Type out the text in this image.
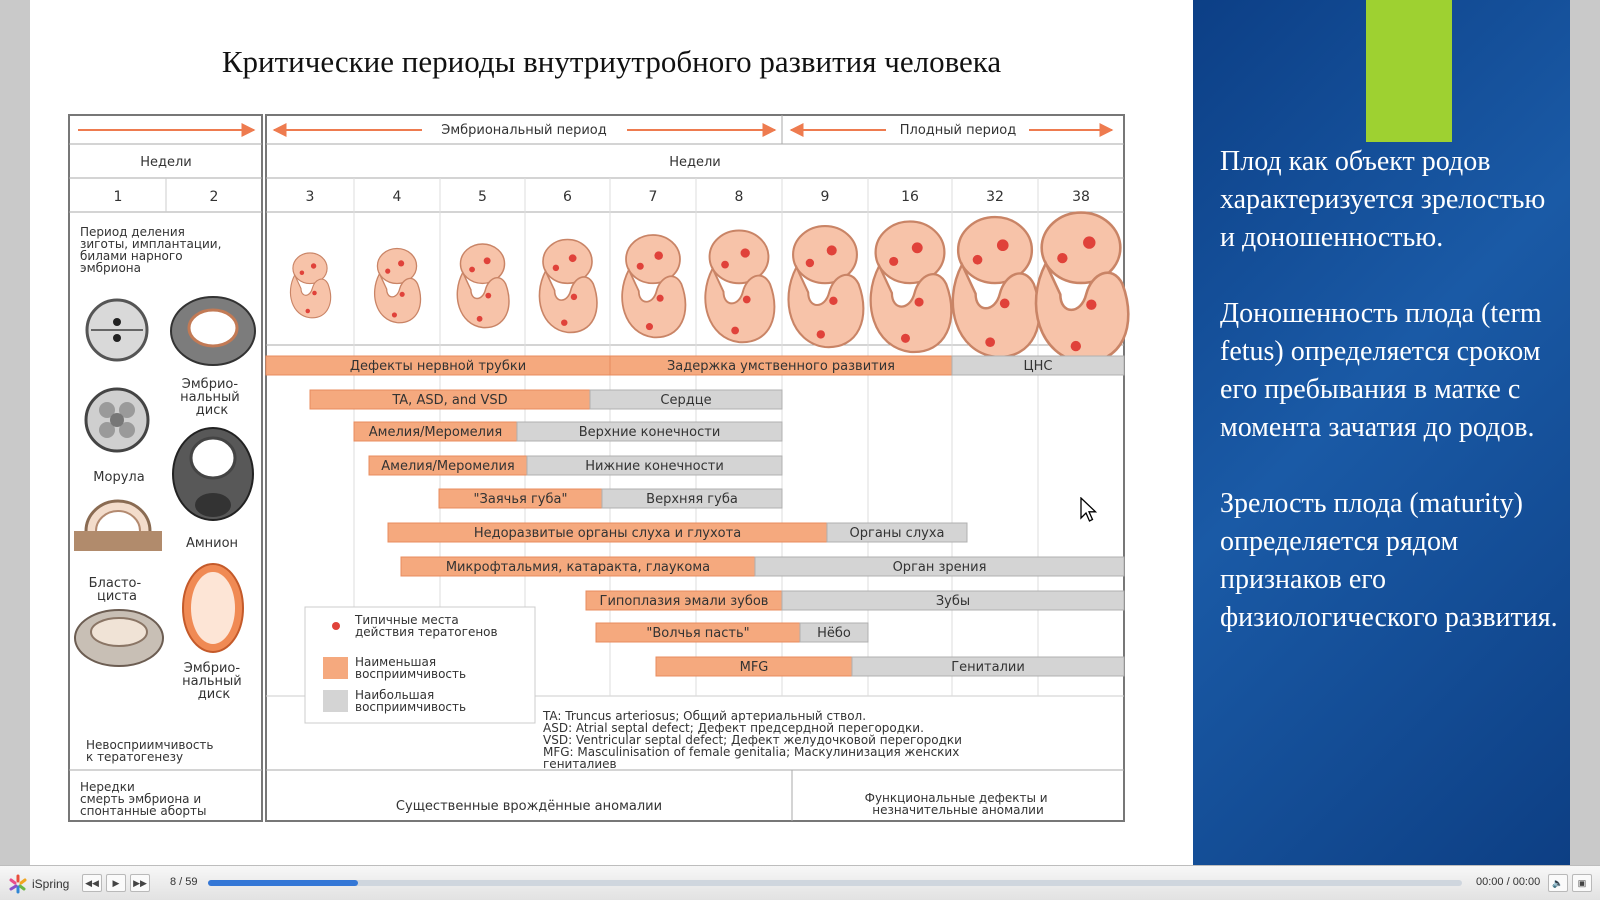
Критические периоды внутриутробного развития человека
Эмбриональный период	Плодный период
Недели	Недели
1	2	3	4	5	6	7	8	9	16	32	38
Период деления зиготы, имплантации, билами нарного эмбриона
Морула
Бласто- циста
Эмбрио- нальный диск
Амнион
Эмбрио- нальный диск
Невосприимчивость к тератогенезу
Нередки смерть эмбриона и спонтанные аборты
Дефекты нервной трубки	Задержка умственного развития	ЦНС
TA, ASD, and VSD	Сердце
Амелия/Меромелия	Верхние конечности
Амелия/Меромелия	Нижние конечности
"Заячья губа"	Верхняя губа
Недоразвитые органы слуха и глухота	Органы слуха
Микрофтальмия, катаракта, глаукома	Орган зрения
Гипоплазия эмали зубов	Зубы
"Волчья пасть"	Нёбо
MFG	Гениталии
Типичные места действия тератогенов
Наименьшая восприимчивость
Наибольшая восприимчивость
TA: Truncus arteriosus; Общий артериальный ствол. ASD: Atrial septal defect; Дефект предсердной перегородки. VSD: Ventricular septal defect; Дефект желудочковой перегородки MFG: Masculinisation of female genitalia; Маскулинизация женских гениталиев
Существенные врождённые аномалии
Функциональные дефекты и незначительные аномалии

Плод как объект родов характеризуется зрелостью и доношенностью.

Доношенность плода (term fetus) определяется сроком его пребывания в матке с момента зачатия до родов.

Зрелость плода (maturity) определяется рядом признаков его физиологического развития.

iSpring	◀◀	▶	▶▶ 8 / 59	00:00 / 00:00	🔈	▣
